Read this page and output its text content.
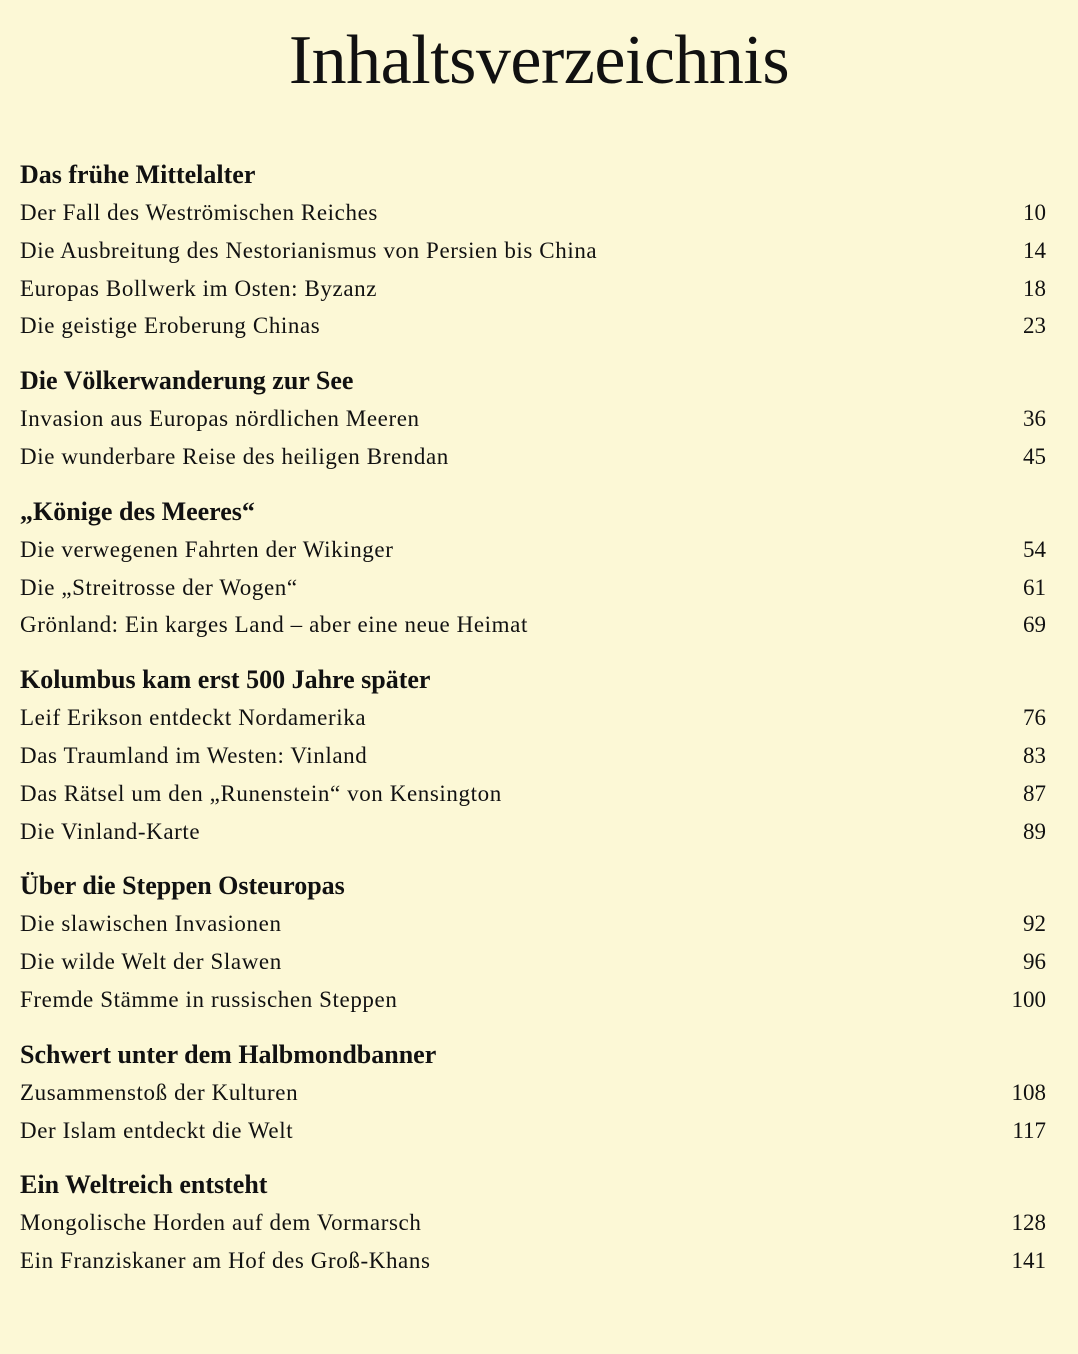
Inhaltsverzeichnis
Das frühe Mittelalter
Der Fall des Weströmischen Reiches	10
Die Ausbreitung des Nestorianismus von Persien bis China	14
Europas Bollwerk im Osten: Byzanz	18
Die geistige Eroberung Chinas	23
Die Völkerwanderung zur See
Invasion aus Europas nördlichen Meeren	36
Die wunderbare Reise des heiligen Brendan	45
„Könige des Meeres“
Die verwegenen Fahrten der Wikinger	54
Die „Streitrosse der Wogen“	61
Grönland: Ein karges Land – aber eine neue Heimat	69
Kolumbus kam erst 500 Jahre später
Leif Erikson entdeckt Nordamerika	76
Das Traumland im Westen: Vinland	83
Das Rätsel um den „Runenstein“ von Kensington	87
Die Vinland-Karte	89
Über die Steppen Osteuropas
Die slawischen Invasionen	92
Die wilde Welt der Slawen	96
Fremde Stämme in russischen Steppen	100
Schwert unter dem Halbmondbanner
Zusammenstoß der Kulturen	108
Der Islam entdeckt die Welt	117
Ein Weltreich entsteht
Mongolische Horden auf dem Vormarsch	128
Ein Franziskaner am Hof des Groß-Khans	141
